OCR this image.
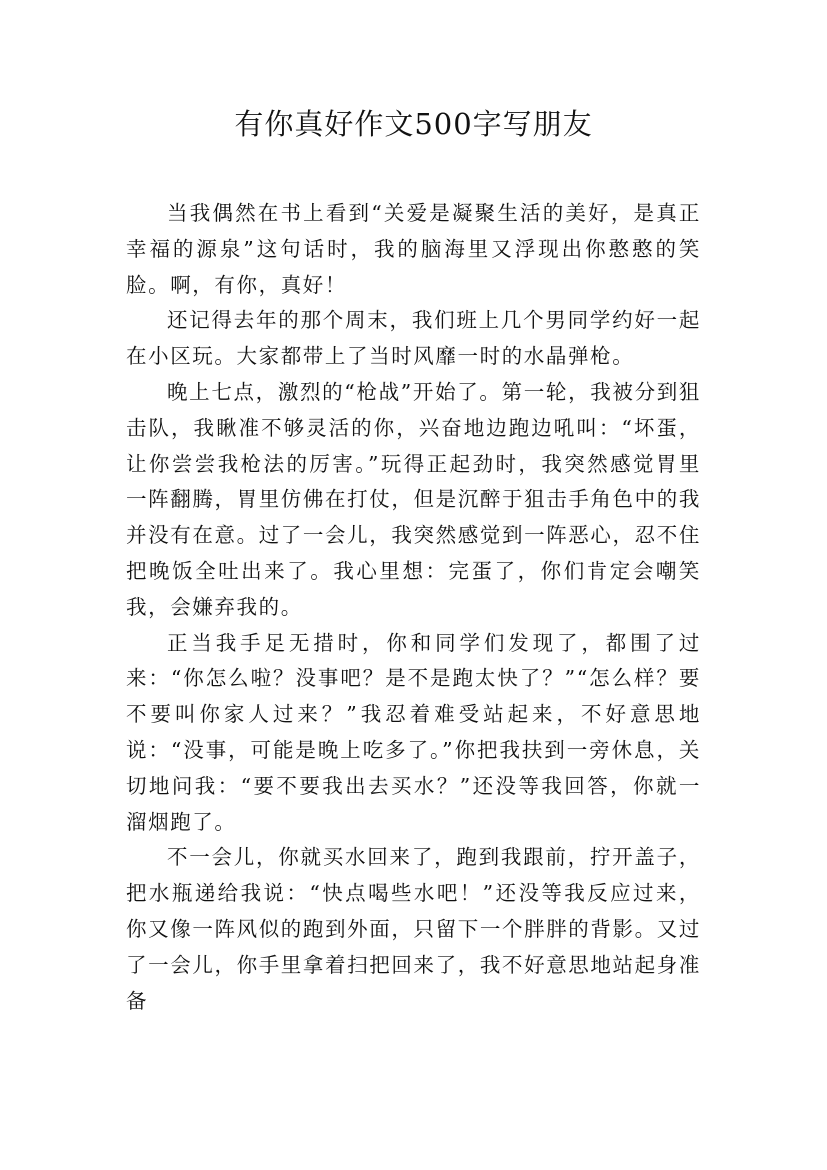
有你真好作文500字写朋友

当我偶然在书上看到“关爱是凝聚生活的美好，是真正幸福的源泉”这句话时，我的脑海里又浮现出你憨憨的笑脸。啊，有你，真好！

还记得去年的那个周末，我们班上几个男同学约好一起在小区玩。大家都带上了当时风靡一时的水晶弹枪。

晚上七点，激烈的“枪战”开始了。第一轮，我被分到狙击队，我瞅准不够灵活的你，兴奋地边跑边吼叫：“坏蛋，让你尝尝我枪法的厉害。”玩得正起劲时，我突然感觉胃里一阵翻腾，胃里仿佛在打仗，但是沉醉于狙击手角色中的我并没有在意。过了一会儿，我突然感觉到一阵恶心，忍不住把晚饭全吐出来了。我心里想：完蛋了，你们肯定会嘲笑我，会嫌弃我的。

正当我手足无措时，你和同学们发现了，都围了过来：“你怎么啦？没事吧？是不是跑太快了？”“怎么样？要不要叫你家人过来？”我忍着难受站起来，不好意思地说：“没事，可能是晚上吃多了。”你把我扶到一旁休息，关切地问我：“要不要我出去买水？”还没等我回答，你就一溜烟跑了。

不一会儿，你就买水回来了，跑到我跟前，拧开盖子，把水瓶递给我说：“快点喝些水吧！”还没等我反应过来，你又像一阵风似的跑到外面，只留下一个胖胖的背影。又过了一会儿，你手里拿着扫把回来了，我不好意思地站起身准备
